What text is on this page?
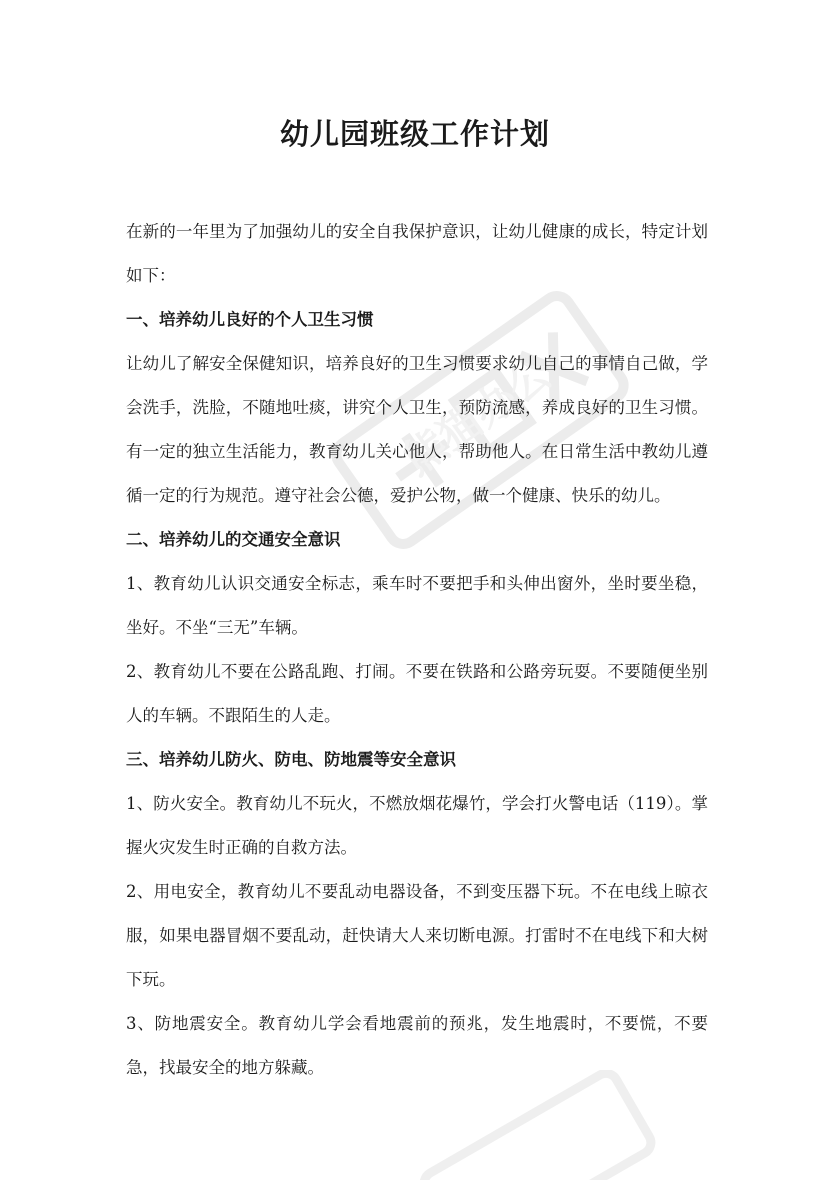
熊猫办公
幼儿园班级工作计划

在新的一年里为了加强幼儿的安全自我保护意识，让幼儿健康的成长，特定计划如下：

一、培养幼儿良好的个人卫生习惯

让幼儿了解安全保健知识，培养良好的卫生习惯要求幼儿自己的事情自己做，学会洗手，洗脸，不随地吐痰，讲究个人卫生，预防流感，养成良好的卫生习惯。有一定的独立生活能力，教育幼儿关心他人，帮助他人。在日常生活中教幼儿遵循一定的行为规范。遵守社会公德，爱护公物，做一个健康、快乐的幼儿。

二、培养幼儿的交通安全意识

1、教育幼儿认识交通安全标志，乘车时不要把手和头伸出窗外，坐时要坐稳，坐好。不坐“三无”车辆。

2、教育幼儿不要在公路乱跑、打闹。不要在铁路和公路旁玩耍。不要随便坐别人的车辆。不跟陌生的人走。

三、培养幼儿防火、防电、防地震等安全意识

1、防火安全。教育幼儿不玩火，不燃放烟花爆竹，学会打火警电话（119）。掌握火灾发生时正确的自救方法。

2、用电安全，教育幼儿不要乱动电器设备，不到变压器下玩。不在电线上晾衣服，如果电器冒烟不要乱动，赶快请大人来切断电源。打雷时不在电线下和大树下玩。

3、防地震安全。教育幼儿学会看地震前的预兆，发生地震时，不要慌，不要急，找最安全的地方躲藏。
